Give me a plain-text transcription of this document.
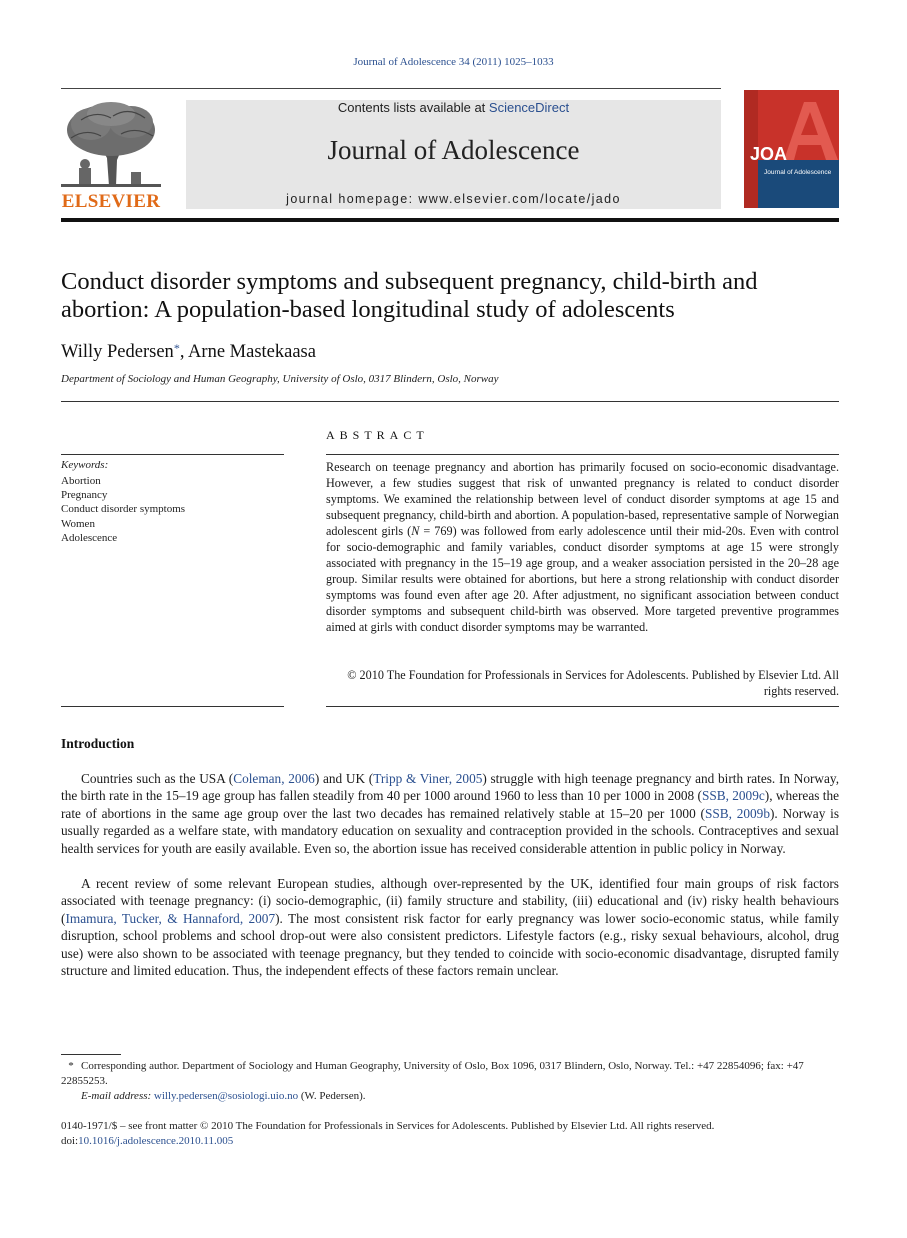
Journal of Adolescence 34 (2011) 1025–1033
ELSEVIER
Contents lists available at ScienceDirect
Journal of Adolescence
journal homepage: www.elsevier.com/locate/jado
JOA
Journal of Adolescence
Conduct disorder symptoms and subsequent pregnancy, child-birth and abortion: A population-based longitudinal study of adolescents
Willy Pedersen*, Arne Mastekaasa
Department of Sociology and Human Geography, University of Oslo, 0317 Blindern, Oslo, Norway
ABSTRACT
Keywords:
Abortion
Pregnancy
Conduct disorder symptoms
Women
Adolescence
Research on teenage pregnancy and abortion has primarily focused on socio-economic disadvantage. However, a few studies suggest that risk of unwanted pregnancy is related to conduct disorder symptoms. We examined the relationship between level of conduct disorder symptoms at age 15 and subsequent pregnancy, child-birth and abortion. A population-based, representative sample of Norwegian adolescent girls (N = 769) was followed from early adolescence until their mid-20s. Even with control for socio-demographic and family variables, conduct disorder symptoms at age 15 were strongly associated with pregnancy in the 15–19 age group, and a weaker association persisted in the 20–28 age group. Similar results were obtained for abortions, but here a strong relationship with conduct disorder symptoms was found even after age 20. After adjustment, no significant association between conduct disorder symptoms and subsequent child-birth was observed. More targeted preventive programmes aimed at girls with conduct disorder symptoms may be warranted.
© 2010 The Foundation for Professionals in Services for Adolescents. Published by Elsevier Ltd. All rights reserved.
Introduction
Countries such as the USA (Coleman, 2006) and UK (Tripp & Viner, 2005) struggle with high teenage pregnancy and birth rates. In Norway, the birth rate in the 15–19 age group has fallen steadily from 40 per 1000 around 1960 to less than 10 per 1000 in 2008 (SSB, 2009c), whereas the rate of abortions in the same age group over the last two decades has remained relatively stable at 15–20 per 1000 (SSB, 2009b). Norway is usually regarded as a welfare state, with mandatory education on sexuality and contraception provided in the schools. Contraceptives and sexual health services for youth are easily available. Even so, the abortion issue has received considerable attention in public policy in Norway.
A recent review of some relevant European studies, although over-represented by the UK, identified four main groups of risk factors associated with teenage pregnancy: (i) socio-demographic, (ii) family structure and stability, (iii) educational and (iv) risky health behaviours (Imamura, Tucker, & Hannaford, 2007). The most consistent risk factor for early pregnancy was lower socio-economic status, while family disruption, school problems and school drop-out were also consistent predictors. Lifestyle factors (e.g., risky sexual behaviours, alcohol, drug use) were also shown to be associated with teenage pregnancy, but they tended to coincide with socio-economic disadvantage, disrupted family structure and limited education. Thus, the independent effects of these factors remain unclear.
* Corresponding author. Department of Sociology and Human Geography, University of Oslo, Box 1096, 0317 Blindern, Oslo, Norway. Tel.: +47 22854096; fax: +47 22855253.
E-mail address: willy.pedersen@sosiologi.uio.no (W. Pedersen).
0140-1971/$ – see front matter © 2010 The Foundation for Professionals in Services for Adolescents. Published by Elsevier Ltd. All rights reserved.
doi:10.1016/j.adolescence.2010.11.005
